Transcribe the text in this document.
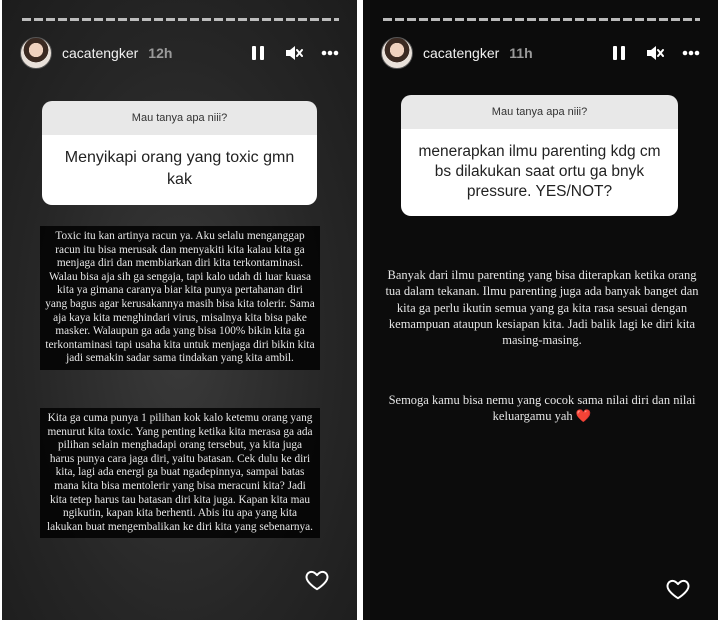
cacatengker 12h
Mau tanya apa niii?
Menyikapi orang yang toxic gmn kak
Toxic itu kan artinya racun ya. Aku selalu menganggap racun itu bisa merusak dan menyakiti kita kalau kita ga menjaga diri dan membiarkan diri kita terkontaminasi. Walau bisa aja sih ga sengaja, tapi kalo udah di luar kuasa kita ya gimana caranya biar kita punya pertahanan diri yang bagus agar kerusakannya masih bisa kita tolerir. Sama aja kaya kita menghindari virus, misalnya kita bisa pake masker. Walaupun ga ada yang bisa 100% bikin kita ga terkontaminasi tapi usaha kita untuk menjaga diri bikin kita jadi semakin sadar sama tindakan yang kita ambil.
Kita ga cuma punya 1 pilihan kok kalo ketemu orang yang menurut kita toxic. Yang penting ketika kita merasa ga ada pilihan selain menghadapi orang tersebut, ya kita juga harus punya cara jaga diri, yaitu batasan. Cek dulu ke diri kita, lagi ada energi ga buat ngadepinnya, sampai batas mana kita bisa mentolerir yang bisa meracuni kita? Jadi kita tetep harus tau batasan diri kita juga. Kapan kita mau ngikutin, kapan kita berhenti. Abis itu apa yang kita lakukan buat mengembalikan ke diri kita yang sebenarnya.
cacatengker 11h
Mau tanya apa niii?
menerapkan ilmu parenting kdg cm bs dilakukan saat ortu ga bnyk pressure. YES/NOT?
Banyak dari ilmu parenting yang bisa diterapkan ketika orang tua dalam tekanan. Ilmu parenting juga ada banyak banget dan kita ga perlu ikutin semua yang ga kita rasa sesuai dengan kemampuan ataupun kesiapan kita. Jadi balik lagi ke diri kita masing-masing.
Semoga kamu bisa nemu yang cocok sama nilai diri dan nilai keluargamu yah ❤️
